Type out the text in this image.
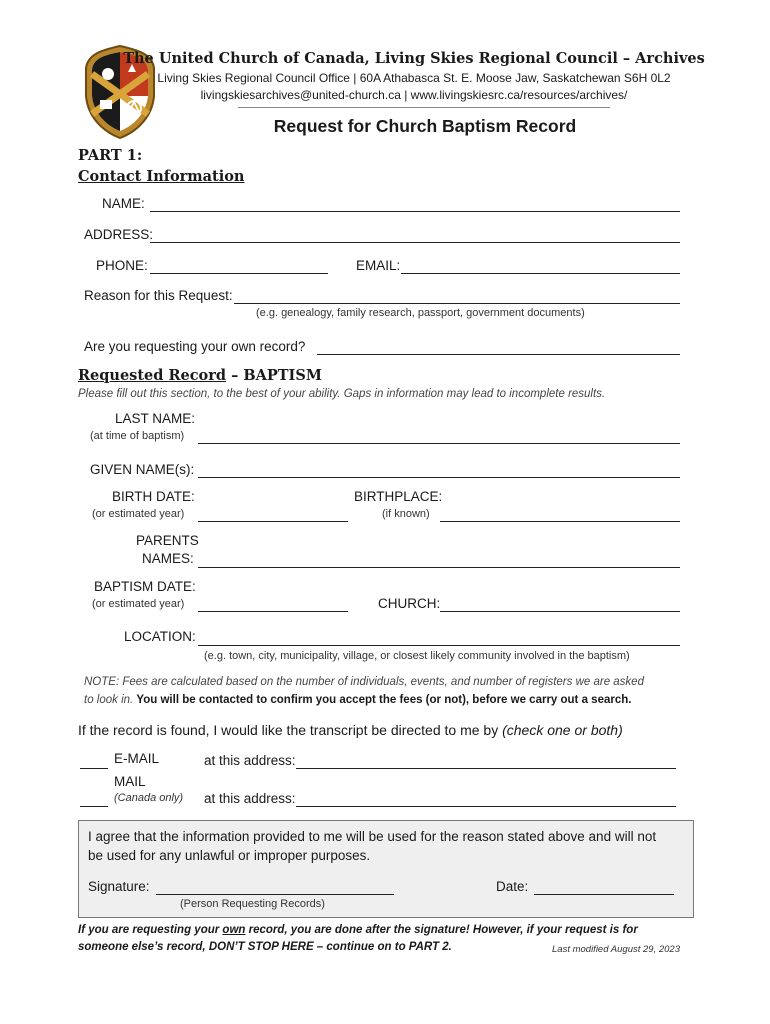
The United Church of Canada, Living Skies Regional Council – Archives
Living Skies Regional Council Office | 60A Athabasca St. E. Moose Jaw, Saskatchewan S6H 0L2
livingskiesarchives@united-church.ca | www.livingskiesrc.ca/resources/archives/
Request for Church Baptism Record
PART 1:
Contact Information
NAME:
ADDRESS:
PHONE:	EMAIL:
Reason for this Request:
(e.g. genealogy, family research, passport, government documents)
Are you requesting your own record?
Requested Record – BAPTISM
Please fill out this section, to the best of your ability. Gaps in information may lead to incomplete results.
LAST NAME:
(at time of baptism)
GIVEN NAME(s):
BIRTH DATE:
(or estimated year)
BIRTHPLACE:
(if known)
PARENTS
NAMES:
BAPTISM DATE:
(or estimated year)	CHURCH:
LOCATION:
(e.g. town, city, municipality, village, or closest likely community involved in the baptism)
NOTE: Fees are calculated based on the number of individuals, events, and number of registers we are asked
to look in. You will be contacted to confirm you accept the fees (or not), before we carry out a search.
If the record is found, I would like the transcript be directed to me by (check one or both)
E-MAIL	at this address:
MAIL
(Canada only) at this address:
I agree that the information provided to me will be used for the reason stated above and will not
be used for any unlawful or improper purposes.
Signature:	Date:
(Person Requesting Records)
If you are requesting your own record, you are done after the signature! However, if your request is for
someone else’s record, DON’T STOP HERE – continue on to PART 2.	Last modified August 29, 2023
